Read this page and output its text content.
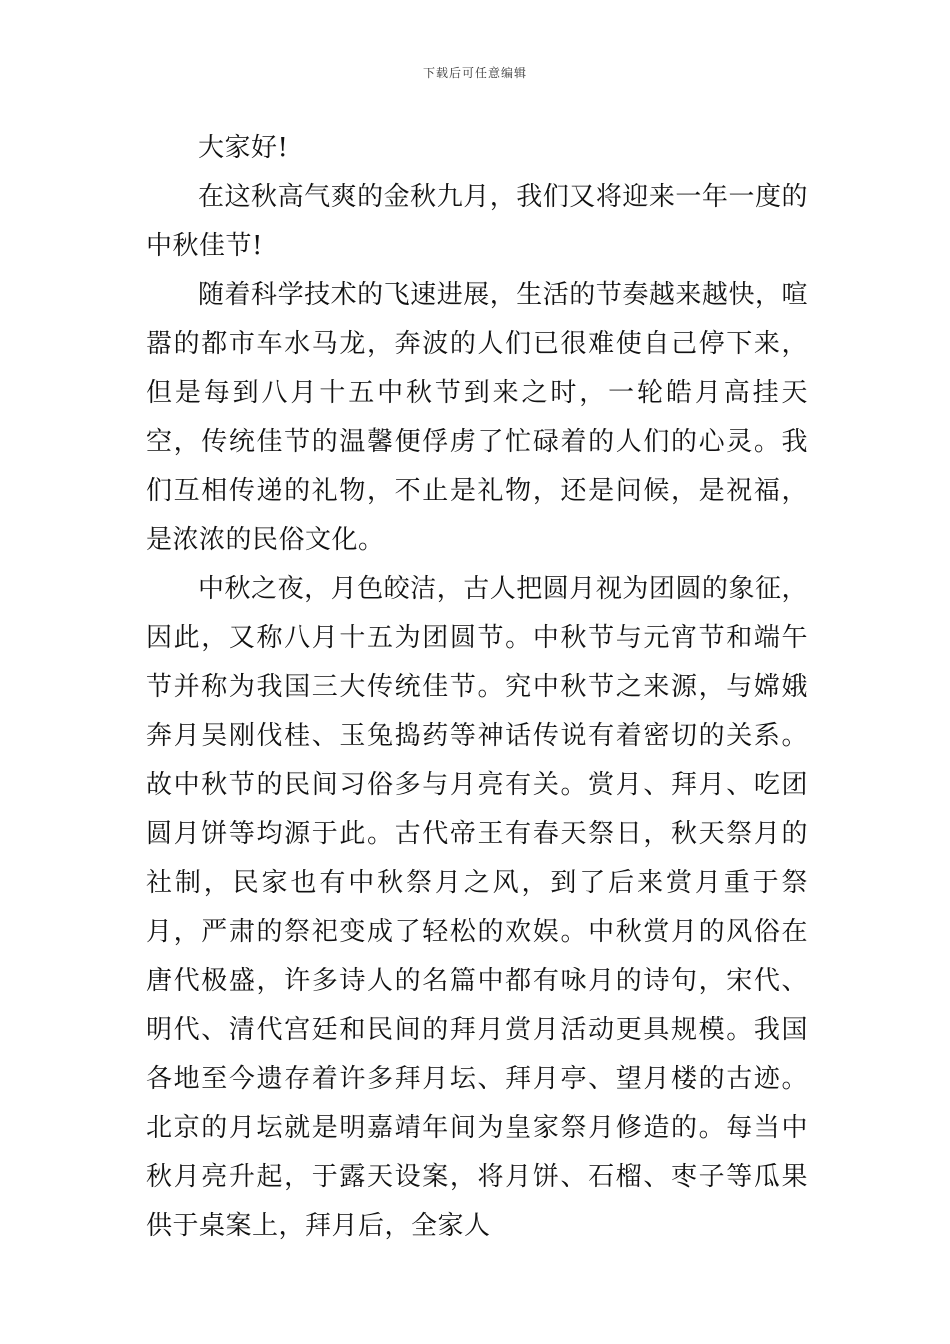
下载后可任意编辑

大家好!

在这秋高气爽的金秋九月，我们又将迎来一年一度的中秋佳节!

随着科学技术的飞速进展，生活的节奏越来越快，喧嚣的都市车水马龙，奔波的人们已很难使自己停下来，但是每到八月十五中秋节到来之时，一轮皓月高挂天空，传统佳节的温馨便俘虏了忙碌着的人们的心灵。我们互相传递的礼物，不止是礼物，还是问候，是祝福，是浓浓的民俗文化。

中秋之夜，月色皎洁，古人把圆月视为团圆的象征，因此，又称八月十五为团圆节。中秋节与元宵节和端午节并称为我国三大传统佳节。究中秋节之来源，与嫦娥奔月吴刚伐桂、玉兔捣药等神话传说有着密切的关系。故中秋节的民间习俗多与月亮有关。赏月、拜月、吃团圆月饼等均源于此。古代帝王有春天祭日，秋天祭月的社制，民家也有中秋祭月之风，到了后来赏月重于祭月，严肃的祭祀变成了轻松的欢娱。中秋赏月的风俗在唐代极盛，许多诗人的名篇中都有咏月的诗句，宋代、明代、清代宫廷和民间的拜月赏月活动更具规模。我国各地至今遗存着许多拜月坛、拜月亭、望月楼的古迹。北京的月坛就是明嘉靖年间为皇家祭月修造的。每当中秋月亮升起，于露天设案，将月饼、石榴、枣子等瓜果供于桌案上，拜月后，全家人
